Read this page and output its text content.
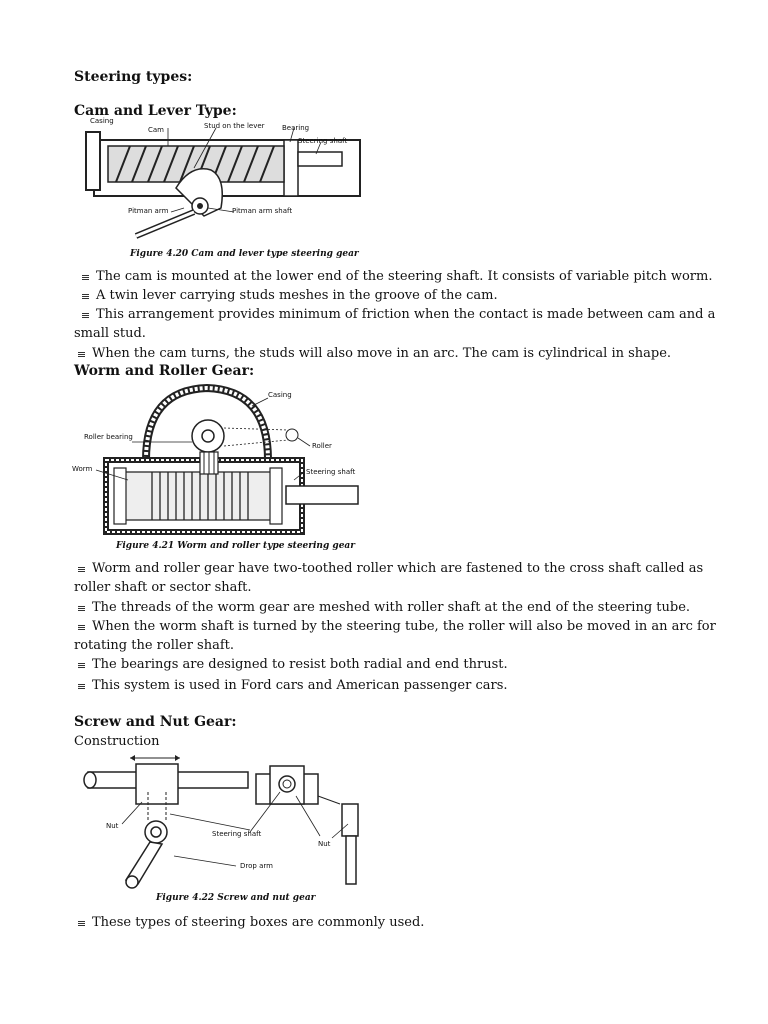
Steering types:
Cam and Lever Type:
Casing
Cam	Stud on the lever Bearing
Steering shaft
Pitman arm	Pitman arm shaft
Figure 4.20 Cam and lever type steering gear
The cam is mounted at the lower end of the steering shaft. It consists of variable pitch worm.
A twin lever carrying studs meshes in the groove of the cam.
This arrangement provides minimum of friction when the contact is made between cam and a
small stud.
When the cam turns, the studs will also move in an arc. The cam is cylindrical in shape.
Worm and Roller Gear:
Casing
Roller bearing
Roller
Worm	Steering shaft
Figure 4.21 Worm and roller type steering gear
Worm and roller gear have two-toothed roller which are fastened to the cross shaft called as
roller shaft or sector shaft.
The threads of the worm gear are meshed with roller shaft at the end of the steering tube.
When the worm shaft is turned by the steering tube, the roller will also be moved in an arc for
rotating the roller shaft.
The bearings are designed to resist both radial and end thrust.
This system is used in Ford cars and American passenger cars.
Screw and Nut Gear:
Construction
Nut
Steering shaft
Nut
Drop arm
Figure 4.22 Screw and nut gear
These types of steering boxes are commonly used.
